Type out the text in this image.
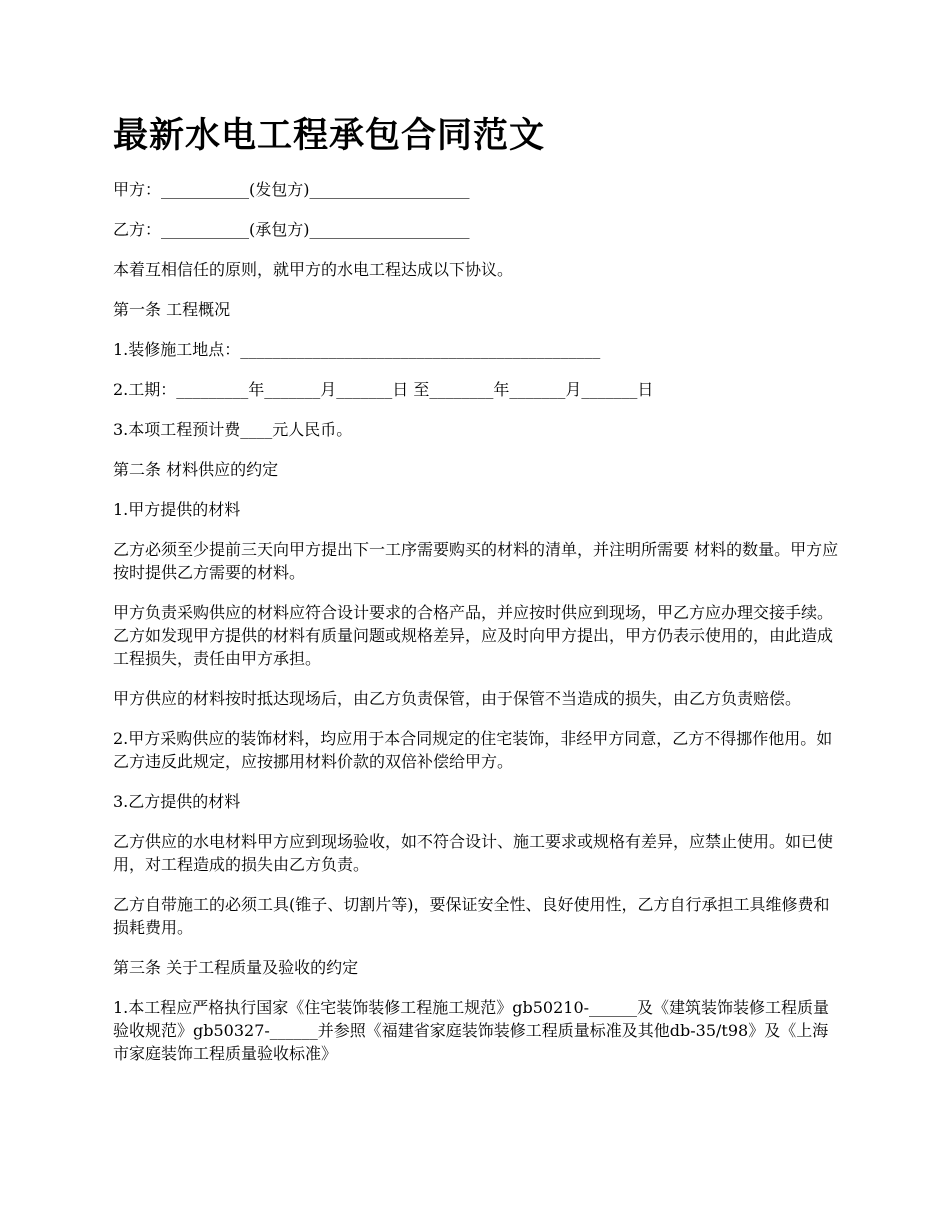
最新水电工程承包合同范文

甲方：___________(发包方)____________________

乙方：___________(承包方)____________________

本着互相信任的原则，就甲方的水电工程达成以下协议。

第一条 工程概况

1.装修施工地点：_____________________________________________

2.工期：_________年_______月_______日 至________年_______月_______日

3.本项工程预计费____元人民币。

第二条 材料供应的约定

1.甲方提供的材料

乙方必须至少提前三天向甲方提出下一工序需要购买的材料的清单，并注明所需要 材料的数量。甲方应按时提供乙方需要的材料。

甲方负责采购供应的材料应符合设计要求的合格产品，并应按时供应到现场，甲乙方应办理交接手续。乙方如发现甲方提供的材料有质量问题或规格差异，应及时向甲方提出，甲方仍表示使用的，由此造成工程损失，责任由甲方承担。

甲方供应的材料按时抵达现场后，由乙方负责保管，由于保管不当造成的损失，由乙方负责赔偿。

2.甲方采购供应的装饰材料，均应用于本合同规定的住宅装饰，非经甲方同意，乙方不得挪作他用。如乙方违反此规定，应按挪用材料价款的双倍补偿给甲方。

3.乙方提供的材料

乙方供应的水电材料甲方应到现场验收，如不符合设计、施工要求或规格有差异，应禁止使用。如已使用，对工程造成的损失由乙方负责。

乙方自带施工的必须工具(锥子、切割片等)，要保证安全性、良好使用性，乙方自行承担工具维修费和损耗费用。

第三条 关于工程质量及验收的约定

1.本工程应严格执行国家《住宅装饰装修工程施工规范》gb50210-______及《建筑装饰装修工程质量验收规范》gb50327-______并参照《福建省家庭装饰装修工程质量标准及其他db-35/t98》及《上海市家庭装饰工程质量验收标准》
